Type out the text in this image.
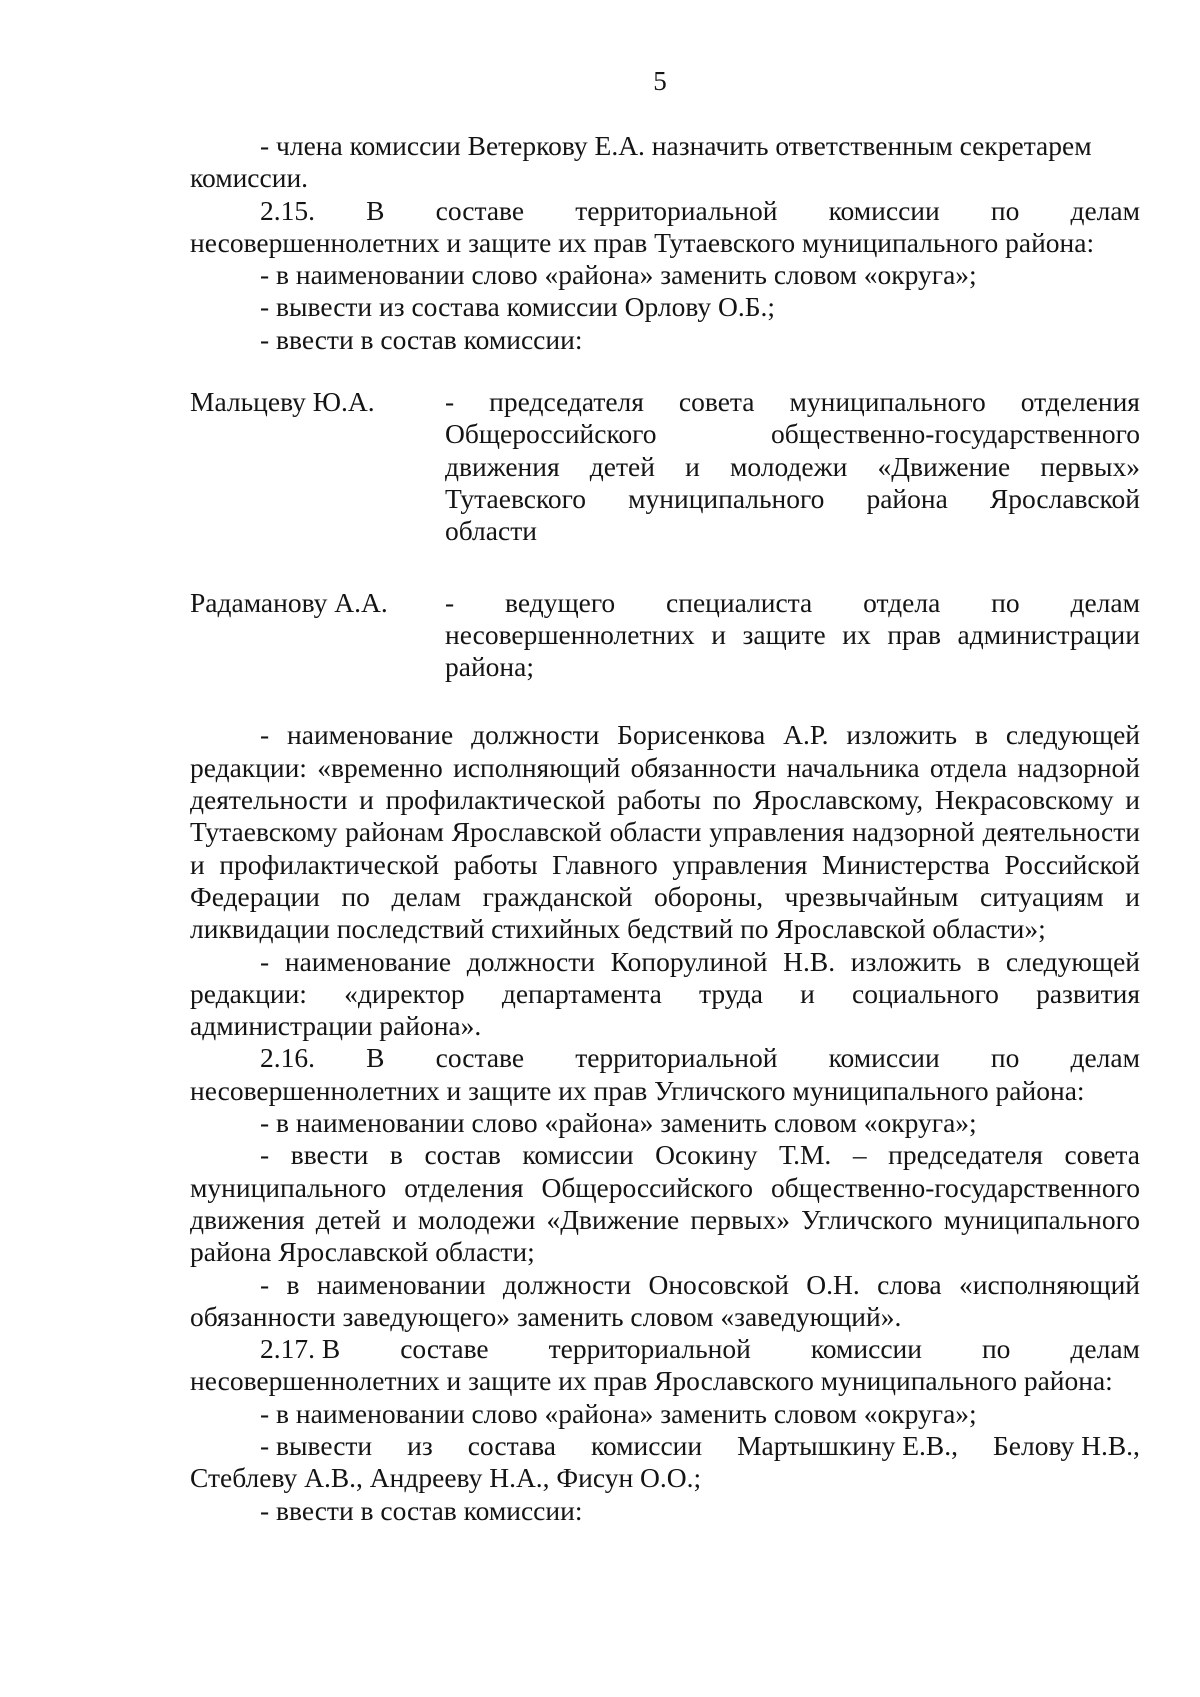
5

- члена комиссии Ветеркову Е.А. назначить ответственным секретарем

комиссии.

2.15. В составе территориальной комиссии по делам

несовершеннолетних и защите их прав Тутаевского муниципального района:

- в наименовании слово «района» заменить словом «округа»;

- вывести из состава комиссии Орлову О.Б.;

- ввести в состав комиссии:

Мальцеву Ю.А.	- председателя совета муниципального отделения
Общероссийского	общественно-государственного
движения детей и молодежи «Движение первых»
Тутаевского муниципального района Ярославской
области
Радаманову А.А.	- ведущего специалиста отдела по делам
несовершеннолетних и защите их прав администрации
района;

- наименование должности Борисенкова А.Р. изложить в следующей редакции: «временно исполняющий обязанности начальника отдела надзорной деятельности и профилактической работы по Ярославскому, Некрасовскому и Тутаевскому районам Ярославской области управления надзорной деятельности и профилактической работы Главного управления Министерства Российской Федерации по делам гражданской обороны, чрезвычайным ситуациям и ликвидации последствий стихийных бедствий по Ярославской области»;

- наименование должности Копорулиной Н.В. изложить в следующей редакции: «директор департамента труда и социального развития администрации района».

2.16. В составе территориальной комиссии по делам

несовершеннолетних и защите их прав Угличского муниципального района:

- в наименовании слово «района» заменить словом «округа»;

- ввести в состав комиссии Осокину Т.М. – председателя совета муниципального отделения Общероссийского общественно-государственного движения детей и молодежи «Движение первых» Угличского муниципального района Ярославской области;

- в наименовании должности Оносовской О.Н. слова «исполняющий обязанности заведующего» заменить словом «заведующий».

2.17. В составе территориальной комиссии по делам

несовершеннолетних и защите их прав Ярославского муниципального района:

- в наименовании слово «района» заменить словом «округа»;

- вывести из состава комиссии Мартышкину Е.В., Белову Н.В.,

Стеблеву А.В., Андрееву Н.А., Фисун О.О.;

- ввести в состав комиссии:
